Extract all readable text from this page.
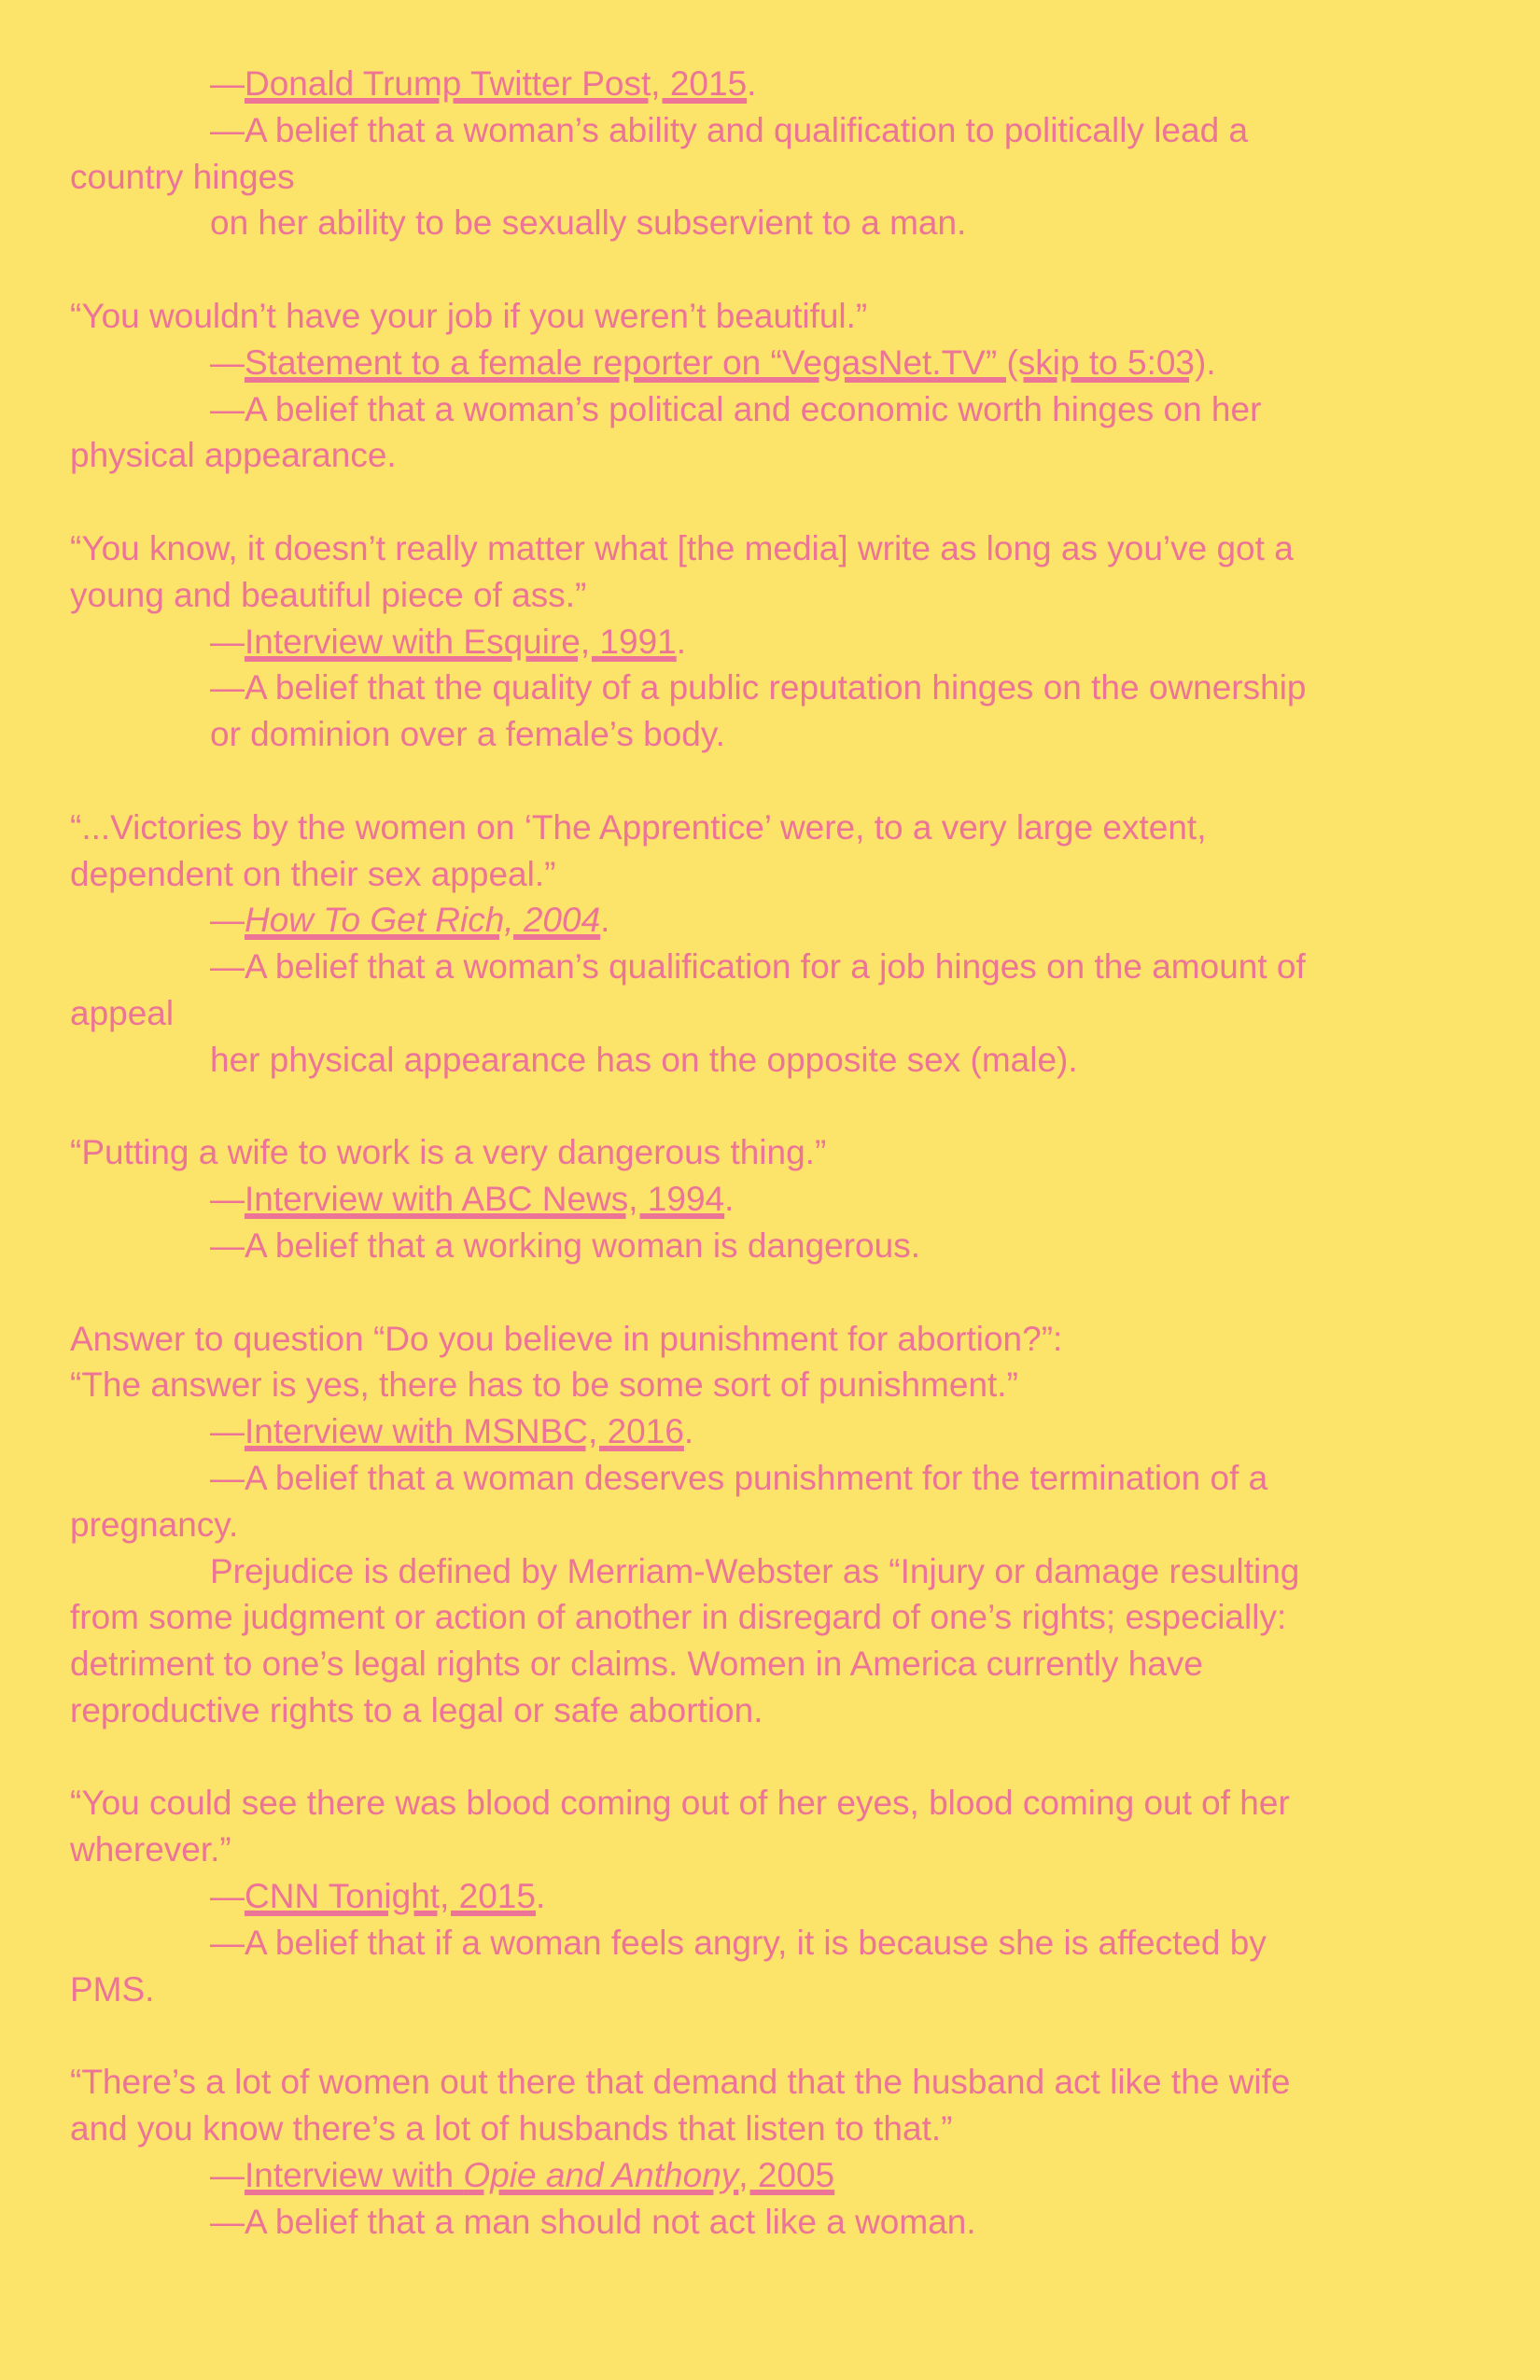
—Donald Trump Twitter Post, 2015.
—A belief that a woman’s ability and qualification to politically lead a
country hinges
on her ability to be sexually subservient to a man.
“You wouldn’t have your job if you weren’t beautiful.”
—Statement to a female reporter on “VegasNet.TV” (skip to 5:03).
—A belief that a woman’s political and economic worth hinges on her
physical appearance.
“You know, it doesn’t really matter what [the media] write as long as you’ve got a
young and beautiful piece of ass.”
—Interview with Esquire, 1991.
—A belief that the quality of a public reputation hinges on the ownership
or dominion over a female’s body.
“...Victories by the women on ‘The Apprentice’ were, to a very large extent,
dependent on their sex appeal.”
—How To Get Rich, 2004.
—A belief that a woman’s qualification for a job hinges on the amount of
appeal
her physical appearance has on the opposite sex (male).
“Putting a wife to work is a very dangerous thing.”
—Interview with ABC News, 1994.
—A belief that a working woman is dangerous.
Answer to question “Do you believe in punishment for abortion?”:
“The answer is yes, there has to be some sort of punishment.”
—Interview with MSNBC, 2016.
—A belief that a woman deserves punishment for the termination of a
pregnancy.
Prejudice is defined by Merriam-Webster as “Injury or damage resulting
from some judgment or action of another in disregard of one’s rights; especially:
detriment to one’s legal rights or claims. Women in America currently have
reproductive rights to a legal or safe abortion.
“You could see there was blood coming out of her eyes, blood coming out of her
wherever.”
—CNN Tonight, 2015.
—A belief that if a woman feels angry, it is because she is affected by
PMS.
“There’s a lot of women out there that demand that the husband act like the wife
and you know there’s a lot of husbands that listen to that.”
—Interview with Opie and Anthony, 2005
—A belief that a man should not act like a woman.
